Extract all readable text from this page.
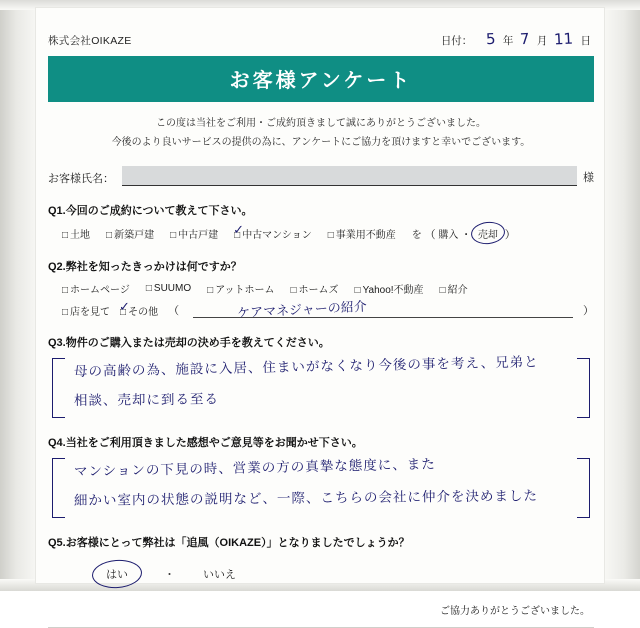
株式会社OIKAZE	日付： 5 年 7 月 11 日
お客様アンケート
この度は当社をご利用・ご成約頂きまして誠にありがとうございました。
今後のより良いサービスの提供の為に、アンケートにご協力を頂けますと幸いでございます。
お客様氏名：	様
Q1.今回のご成約について教えて下さい。
□ 土地	□ 新築戸建	□ 中古戸建 □ ✓
中古マンション	□ 事業用不動産 を （ 購入 ・ 売却 ）
Q2.弊社を知ったきっかけは何ですか？
□ ホームページ	□ SUUMO	□ アットホーム	□ ホームズ	□ Yahoo!不動産	□ 紹介
□ 店を見て □ ✓
その他 （	ケアマネジャーの紹介	）
Q3.物件のご購入または売却の決め手を教えてください。
母の高齢の為、施設に入居、住まいがなくなり今後の事を考え、兄弟と
相談、売却に到る至る
Q4.当社をご利用頂きました感想やご意見等をお聞かせ下さい。
マンションの下見の時、営業の方の真摯な態度に、また
細かい室内の状態の説明など、一際、こちらの会社に仲介を決めました
Q5.お客様にとって弊社は「追風（OIKAZE）」となりましたでしょうか？
はい	・	いいえ
ご協力ありがとうございました。
